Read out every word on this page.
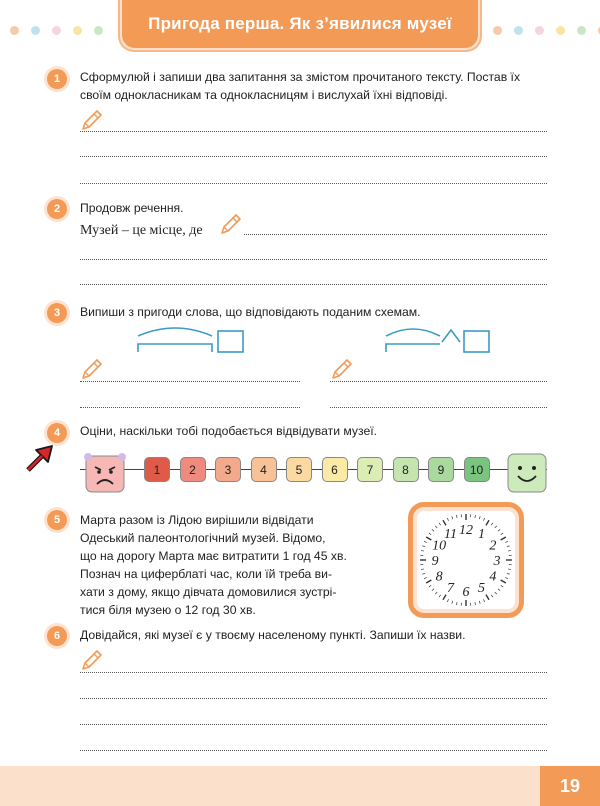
Пригода перша. Як з’явилися музеї
1	Сформулюй і запиши два запитання за змістом прочитаного тексту. Постав їх
своїм однокласникам та однокласницям і вислухай їхні відповіді.
2	Продовж речення.
Музей – це місце, де
3	Випиши з пригоди слова, що відповідають поданим схемам.
4	Оціни, наскільки тобі подобається відвідувати музеї.
1	2	3	4	5	6	7	8	9	10
5	Марта разом із Лідою вирішили відвідати
Одеський палеонтологічний музей. Відомо,
що на дорогу Марта має витратити 1 год 45 хв.
Познач на циферблаті час, коли їй треба ви-
хати з дому, якщо дівчата домовилися зустрі-
тися біля музею о 12 год 30 хв.
12 1
2
3
4
5
6
7
8
9
10
11
6	Довідайся, які музеї є у твоєму населеному пункті. Запиши їх назви.
19
